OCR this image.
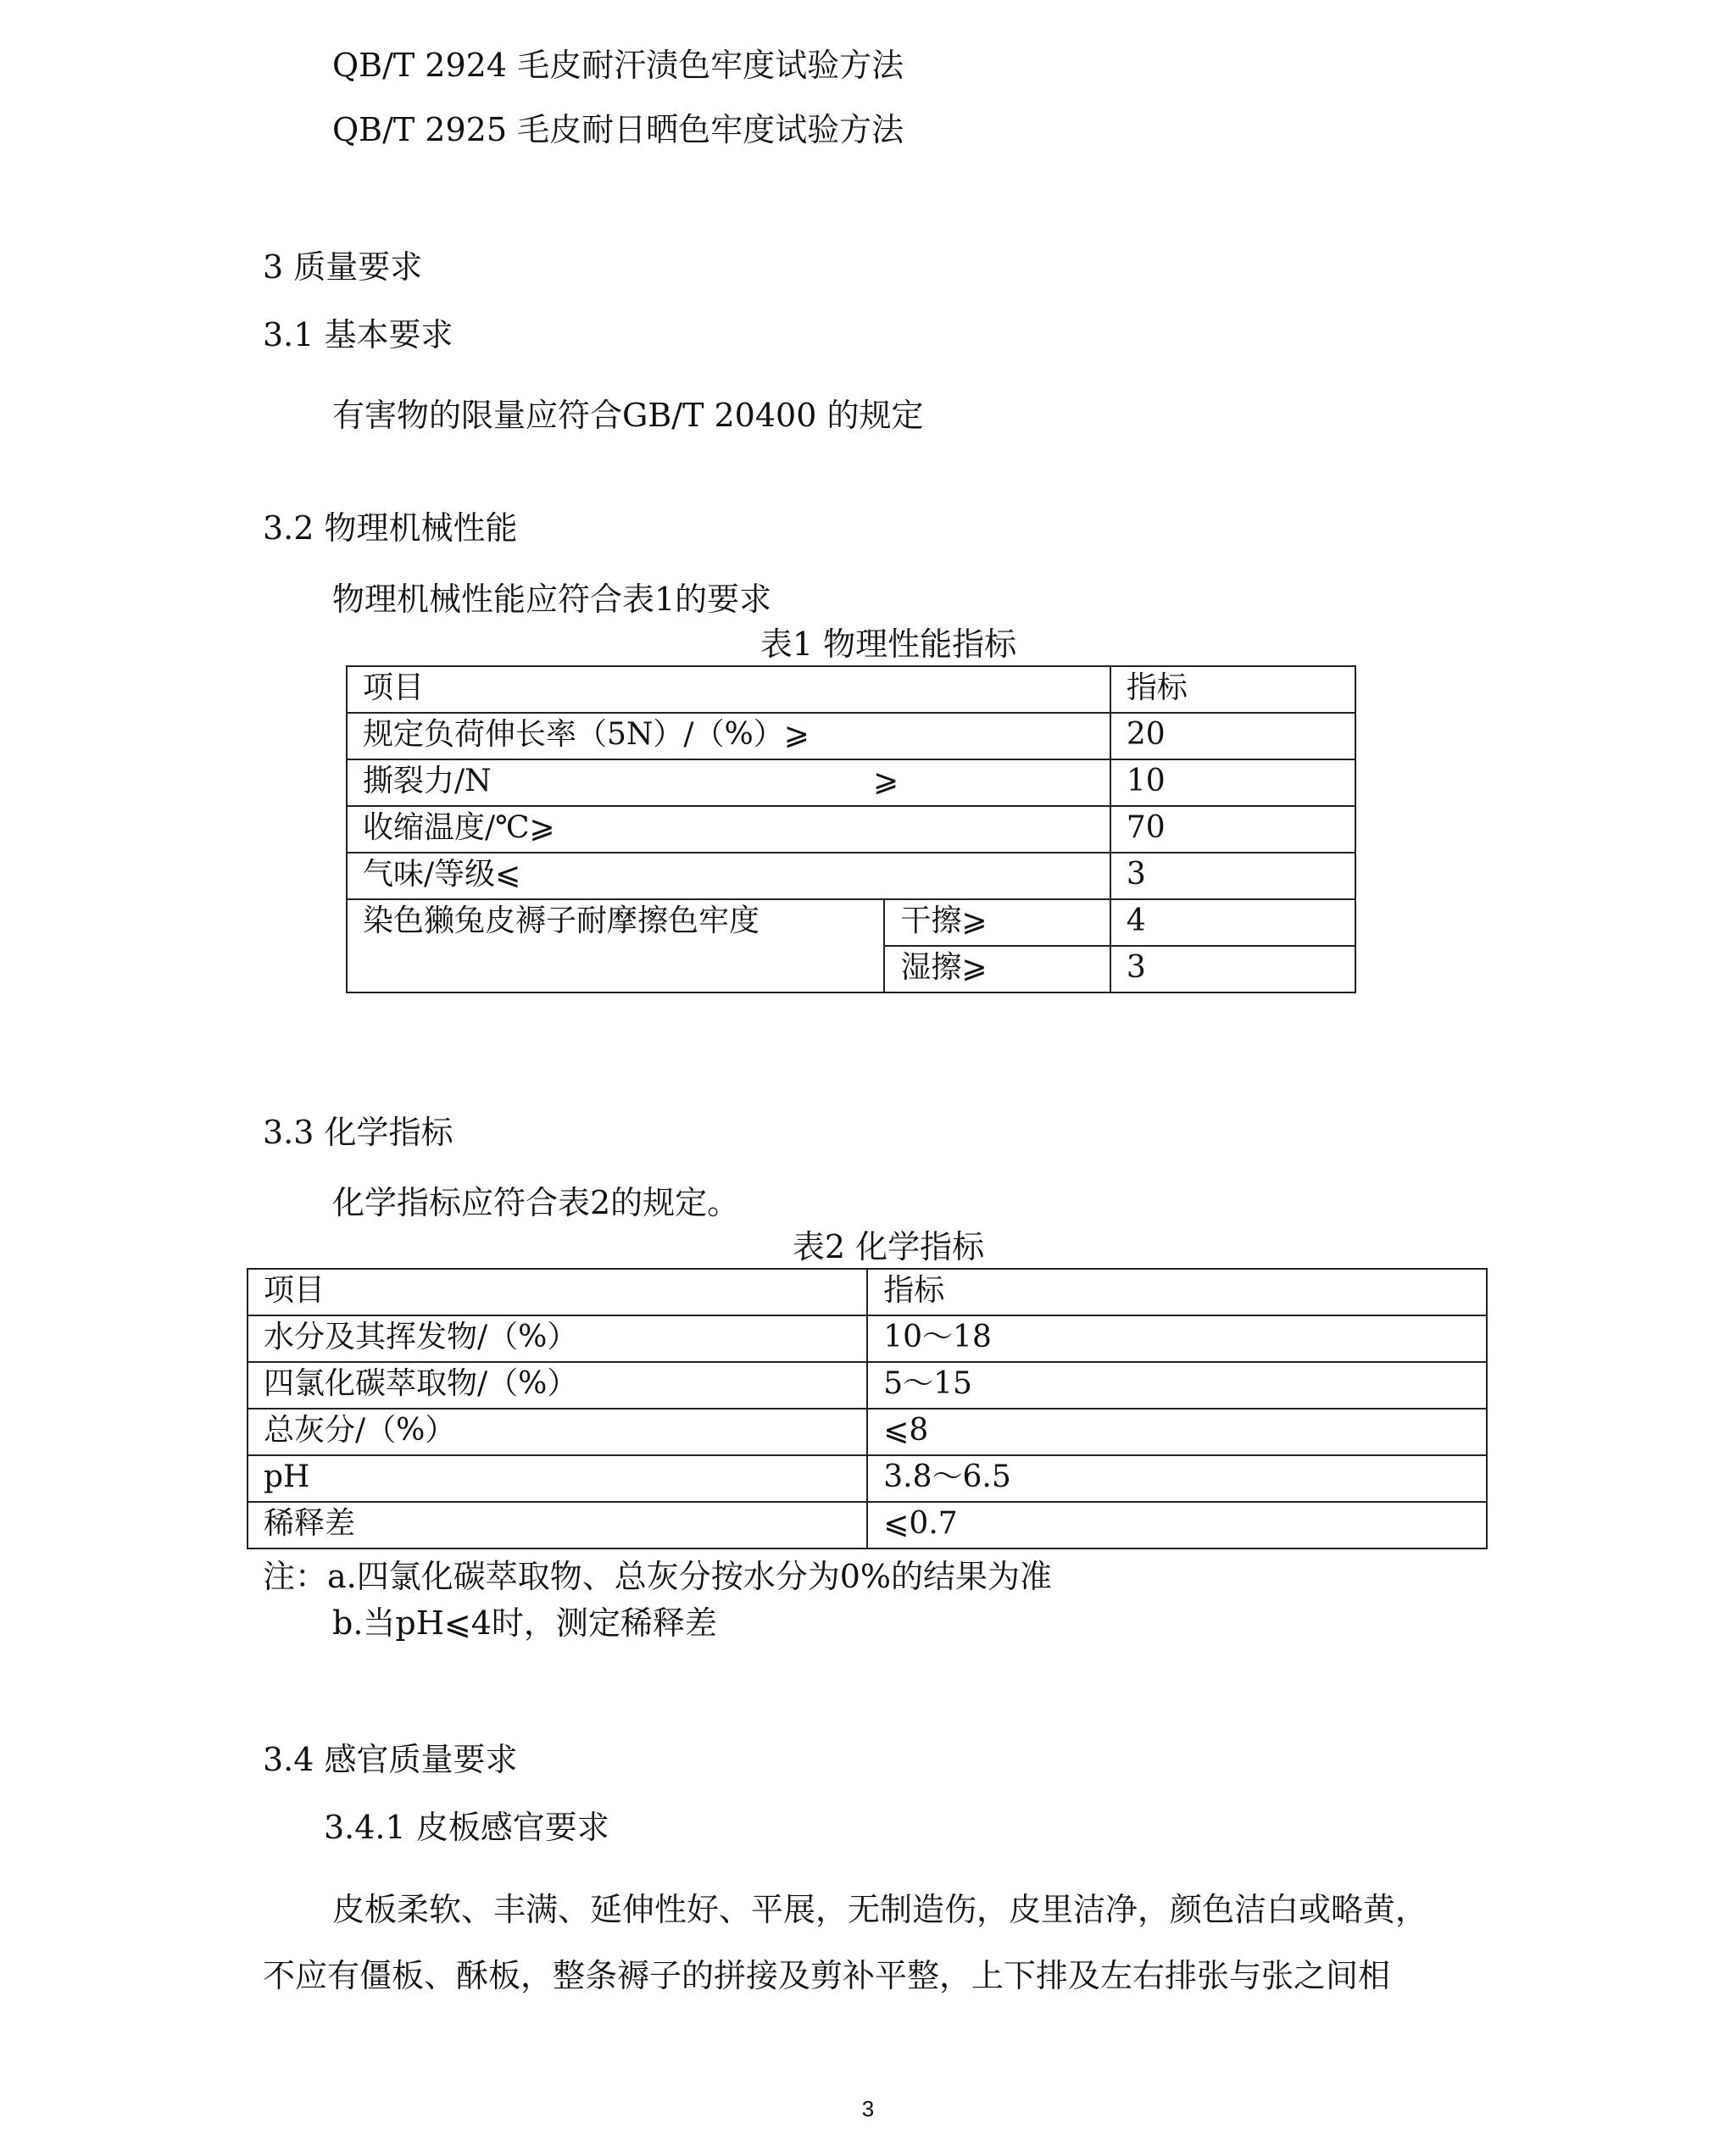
QB/T 2924 毛皮耐汗渍色牢度试验方法
QB/T 2925 毛皮耐日晒色牢度试验方法
3 质量要求
3.1 基本要求
有害物的限量应符合GB/T 20400 的规定
3.2 物理机械性能
物理机械性能应符合表1的要求
表1 物理性能指标
项目		指标
规定负荷伸长率（5N）/（%）⩾		20
撕裂力/N ⩾		10
收缩温度/℃⩾		70
气味/等级⩽		3
染色獭兔皮褥子耐摩擦色牢度	干擦⩾	4
	湿擦⩾	3
3.3 化学指标
化学指标应符合表2的规定。
表2 化学指标
项目	指标
水分及其挥发物/（%）	10～18
四氯化碳萃取物/（%）	5～15
总灰分/（%）	⩽8
pH	3.8～6.5
稀释差	⩽0.7
注：a.四氯化碳萃取物、总灰分按水分为0%的结果为准
b.当pH⩽4时，测定稀释差
3.4 感官质量要求
3.4.1 皮板感官要求
皮板柔软、丰满、延伸性好、平展，无制造伤，皮里洁净，颜色洁白或略黄，
不应有僵板、酥板，整条褥子的拼接及剪补平整，上下排及左右排张与张之间相
3
